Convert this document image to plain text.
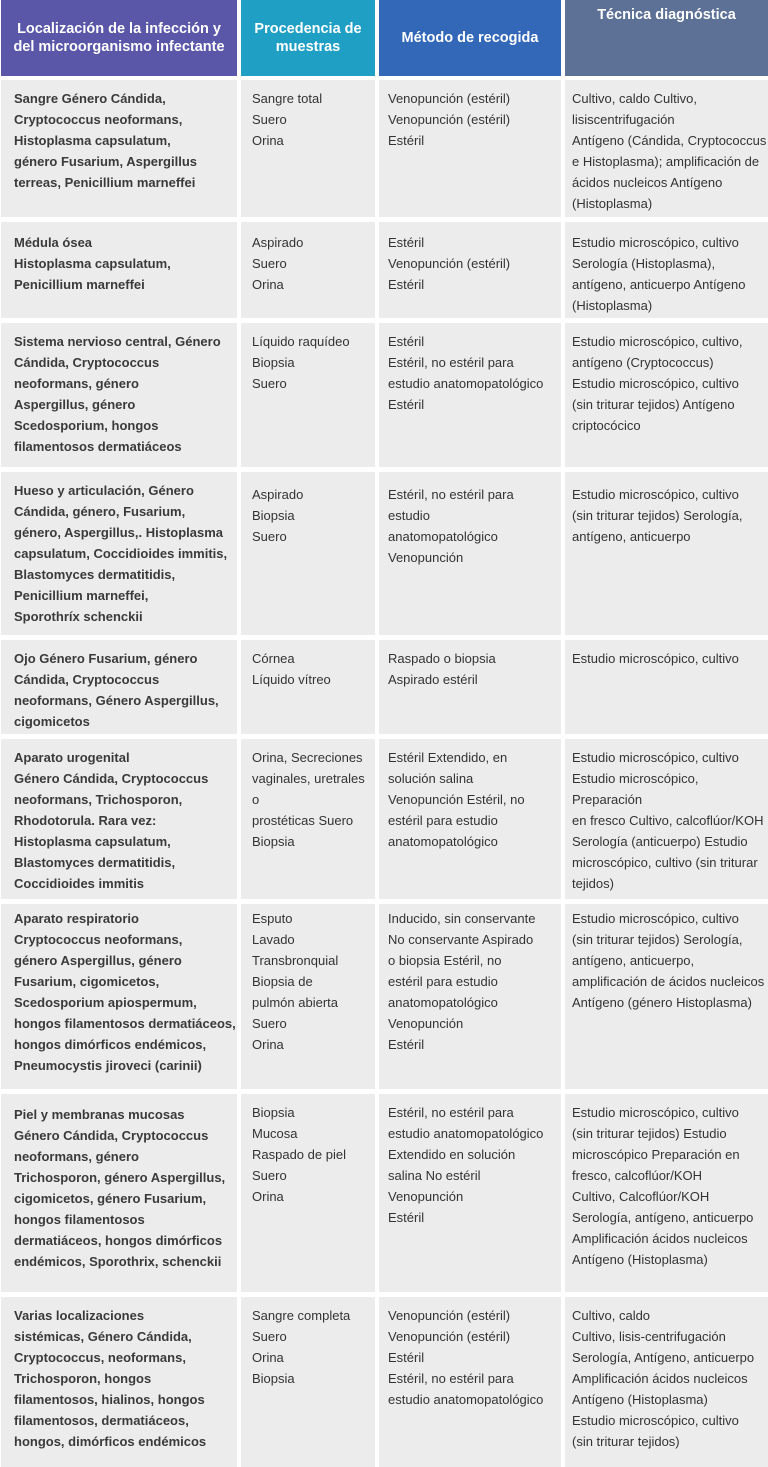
Localización de la infección y del microorganismo infectante
Procedencia de muestras
Método de recogida
Técnica diagnóstica
Sangre Género Cándida,
Cryptococcus neoformans,
Histoplasma capsulatum,
género Fusarium, Aspergillus
terreas, Penicillium marneffei
Sangre total
Suero
Orina
Venopunción (estéril)
Venopunción (estéril)
Estéril
Cultivo, caldo Cultivo,
lisiscentrifugación
Antígeno (Cándida, Cryptococcus
e Histoplasma); amplificación de
ácidos nucleicos Antígeno
(Histoplasma)
Médula ósea
Histoplasma capsulatum,
Penicillium marneffei
Aspirado
Suero
Orina
Estéril
Venopunción (estéril)
Estéril
Estudio microscópico, cultivo
Serología (Histoplasma),
antígeno, anticuerpo Antígeno
(Histoplasma)
Sistema nervioso central, Género
Cándida, Cryptococcus
neoformans, género
Aspergillus, género
Scedosporium, hongos
filamentosos dermatiáceos
Líquido raquídeo
Biopsia
Suero
Estéril
Estéril, no estéril para
estudio anatomopatológico
Estéril
Estudio microscópico, cultivo,
antígeno (Cryptococcus)
Estudio microscópico, cultivo
(sin triturar tejidos) Antígeno
criptocócico
Hueso y articulación, Género
Cándida, género, Fusarium,
género, Aspergillus,. Histoplasma
capsulatum, Coccidioides immitis,
Blastomyces dermatitidis,
Penicillium marneffei,
Sporothríx schenckii
Aspirado
Biopsia
Suero
Estéril, no estéril para
estudio
anatomopatológico
Venopunción
Estudio microscópico, cultivo
(sin triturar tejidos) Serología,
antígeno, anticuerpo
Ojo Género Fusarium, género
Cándida, Cryptococcus
neoformans, Género Aspergillus,
cigomicetos
Córnea
Líquido vítreo
Raspado o biopsia
Aspirado estéril
Estudio microscópico, cultivo
Aparato urogenital
Género Cándida, Cryptococcus
neoformans, Trichosporon,
Rhodotorula. Rara vez:
Histoplasma capsulatum,
Blastomyces dermatitidis,
Coccidioides immitis
Orina, Secreciones
vaginales, uretrales o
prostéticas Suero
Biopsia
Estéril Extendido, en
solución salina
Venopunción Estéril, no
estéril para estudio
anatomopatológico
Estudio microscópico, cultivo
Estudio microscópico, Preparación
en fresco Cultivo, calcoflúor/KOH
Serología (anticuerpo) Estudio
microscópico, cultivo (sin triturar
tejidos)
Aparato respiratorio
Cryptococcus neoformans,
género Aspergillus, género
Fusarium, cigomicetos,
Scedosporium apiospermum,
hongos filamentosos dermatiáceos,
hongos dimórficos endémicos,
Pneumocystis jiroveci (carinii)
Esputo
Lavado
Transbronquial
Biopsia de
pulmón abierta
Suero
Orina
Inducido, sin conservante
No conservante Aspirado
o biopsia Estéril, no
estéril para estudio
anatomopatológico
Venopunción
Estéril
Estudio microscópico, cultivo
(sin triturar tejidos) Serología,
antígeno, anticuerpo,
amplificación de ácidos nucleicos
Antígeno (género Histoplasma)
Piel y membranas mucosas
Género Cándida, Cryptococcus
neoformans, género
Trichosporon, género Aspergillus,
cigomicetos, género Fusarium,
hongos filamentosos
dermatiáceos, hongos dimórficos
endémicos, Sporothrix, schenckii
Biopsia
Mucosa
Raspado de piel
Suero
Orina
Estéril, no estéril para
estudio anatomopatológico
Extendido en solución
salina No estéril
Venopunción
Estéril
Estudio microscópico, cultivo
(sin triturar tejidos) Estudio
microscópico Preparación en
fresco, calcoflúor/KOH
Cultivo, Calcoflúor/KOH
Serología, antígeno, anticuerpo
Amplificación ácidos nucleicos
Antígeno (Histoplasma)
Varias localizaciones
sistémicas, Género Cándida,
Cryptococcus, neoformans,
Trichosporon, hongos
filamentosos, hialinos, hongos
filamentosos, dermatiáceos,
hongos, dimórficos endémicos
Sangre completa
Suero
Orina
Biopsia
Venopunción (estéril)
Venopunción (estéril)
Estéril
Estéril, no estéril para
estudio anatomopatológico
Cultivo, caldo
Cultivo, lisis-centrifugación
Serología, Antígeno, anticuerpo
Amplificación ácidos nucleicos
Antígeno (Histoplasma)
Estudio microscópico, cultivo
(sin triturar tejidos)
